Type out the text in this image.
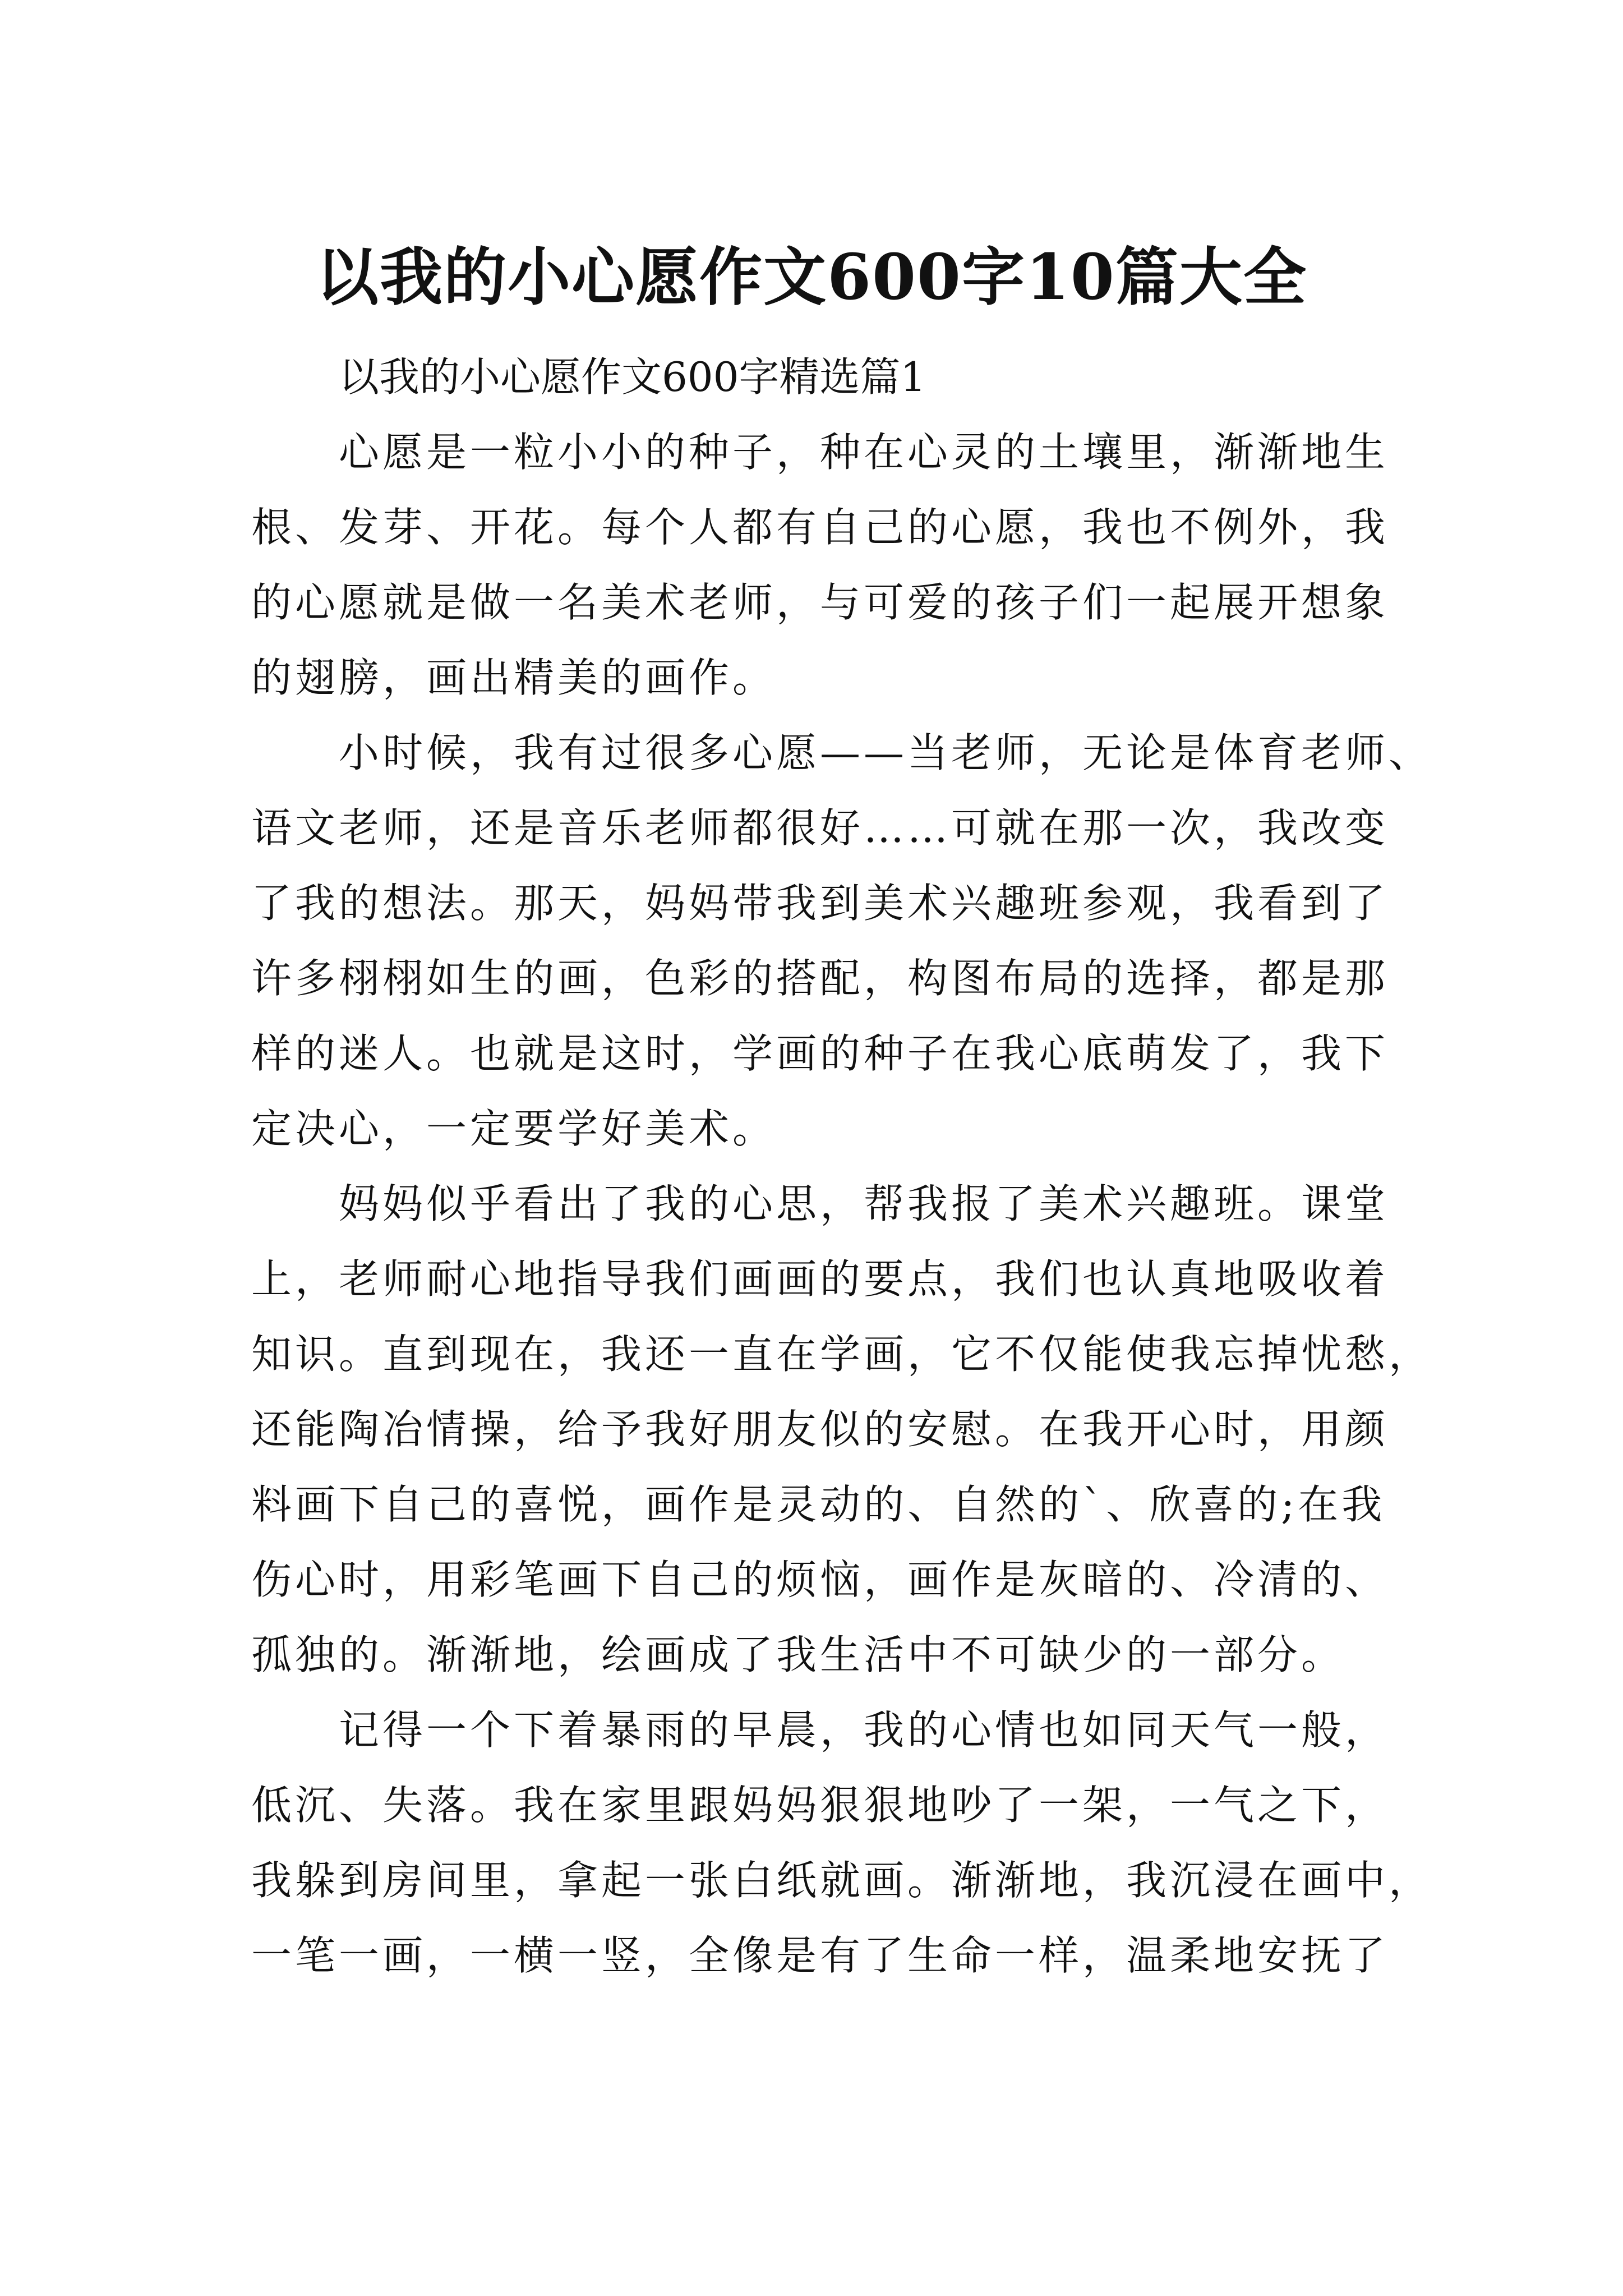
以我的小心愿作文600字10篇大全

以我的小心愿作文600字精选篇1

心愿是一粒小小的种子，种在心灵的土壤里，渐渐地生
根、发芽、开花。每个人都有自己的心愿，我也不例外，我
的心愿就是做一名美术老师，与可爱的孩子们一起展开想象
的翅膀，画出精美的画作。
小时候，我有过很多心愿——当老师，无论是体育老师、
语文老师，还是音乐老师都很好……可就在那一次，我改变
了我的想法。那天，妈妈带我到美术兴趣班参观，我看到了
许多栩栩如生的画，色彩的搭配，构图布局的选择，都是那
样的迷人。也就是这时，学画的种子在我心底萌发了，我下
定决心，一定要学好美术。
妈妈似乎看出了我的心思，帮我报了美术兴趣班。课堂
上，老师耐心地指导我们画画的要点，我们也认真地吸收着
知识。直到现在，我还一直在学画，它不仅能使我忘掉忧愁，
还能陶冶情操，给予我好朋友似的安慰。在我开心时，用颜
料画下自己的喜悦，画作是灵动的、自然的`、欣喜的;在我
伤心时，用彩笔画下自己的烦恼，画作是灰暗的、冷清的、
孤独的。渐渐地，绘画成了我生活中不可缺少的一部分。
记得一个下着暴雨的早晨，我的心情也如同天气一般，
低沉、失落。我在家里跟妈妈狠狠地吵了一架，一气之下，
我躲到房间里，拿起一张白纸就画。渐渐地，我沉浸在画中，
一笔一画，一横一竖，全像是有了生命一样，温柔地安抚了
